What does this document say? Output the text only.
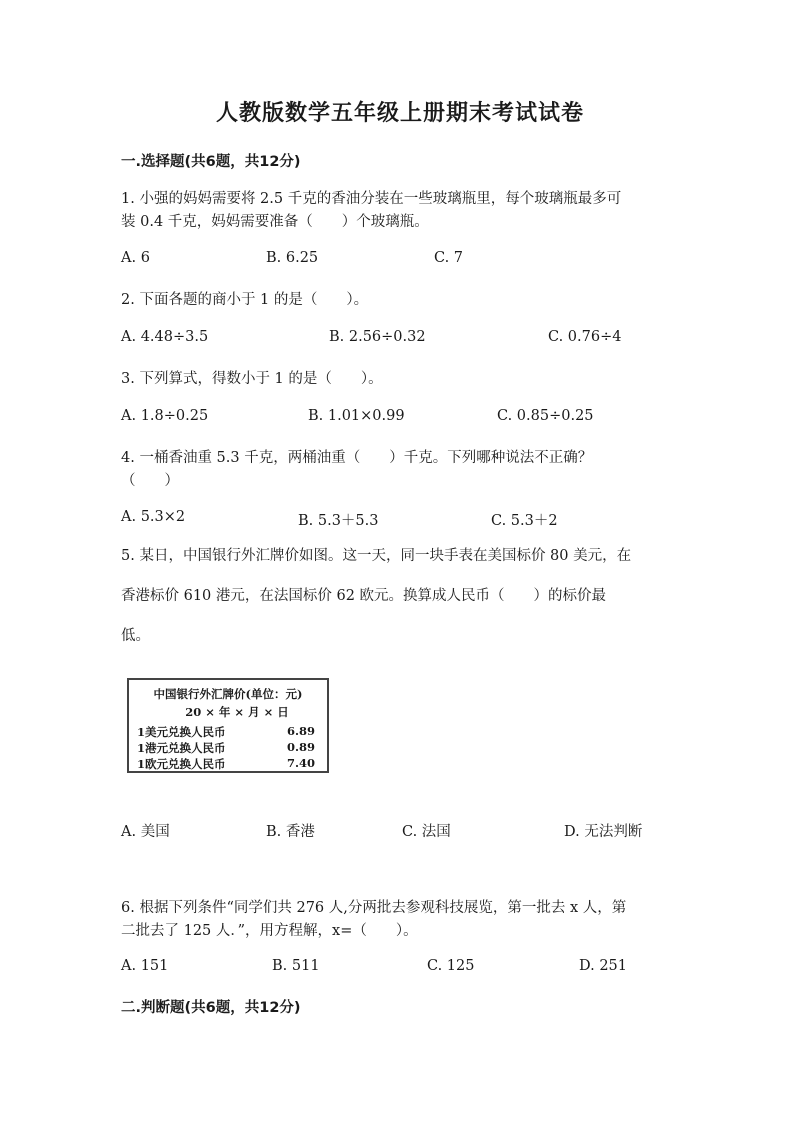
人教版数学五年级上册期末考试试卷
一.选择题(共6题，共12分)
1. 小强的妈妈需要将 2.5 千克的香油分装在一些玻璃瓶里，每个玻璃瓶最多可
装 0.4 千克，妈妈需要准备（　　）个玻璃瓶。
A. 6	B. 6.25	C. 7
2. 下面各题的商小于 1 的是（　　）。
A. 4.48÷3.5	B. 2.56÷0.32	C. 0.76÷4
3. 下列算式，得数小于 1 的是（　　）。
A. 1.8÷0.25	B. 1.01×0.99	C. 0.85÷0.25
4. 一桶香油重 5.3 千克，两桶油重（　　）千克。下列哪种说法不正确？
（　　）
A. 5.3×2	B. 5.3＋5.3	C. 5.3＋2
5. 某日，中国银行外汇牌价如图。这一天，同一块手表在美国标价 80 美元，在
香港标价 610 港元，在法国标价 62 欧元。换算成人民币（　　）的标价最
低。
中国银行外汇牌价(单位：元)
20 × 年 × 月 × 日
1美元兑换人民币	6.89
1港元兑换人民币	0.89
1欧元兑换人民币	7.40
A. 美国	B. 香港	C. 法国	D. 无法判断
6. 根据下列条件“同学们共 276 人,分两批去参观科技展览，第一批去 x 人，第
二批去了 125 人．”，用方程解，x=（　　）。
A. 151	B. 511	C. 125	D. 251
二.判断题(共6题，共12分)
